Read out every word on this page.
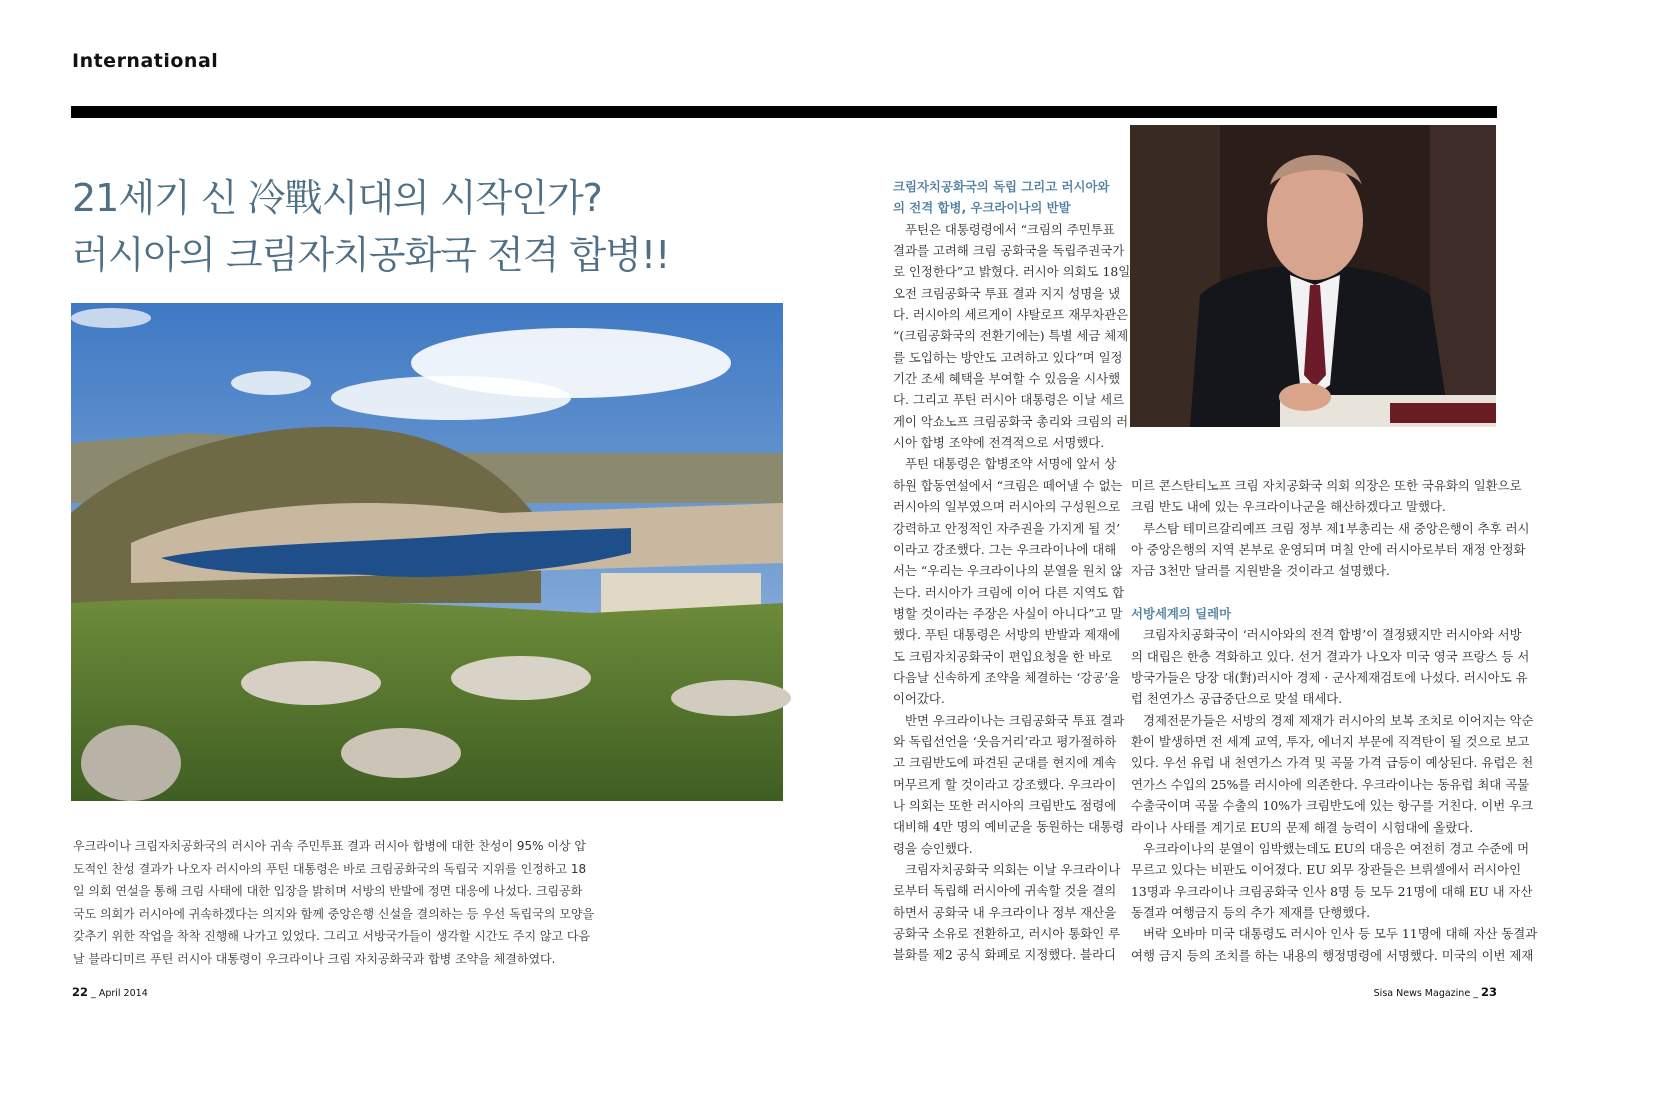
International
21세기 신 冷戰시대의 시작인가?
러시아의 크림자치공화국 전격 합병!!
크림자치공화국의 독립 그리고 러시아와
의 전격 합병, 우크라이나의 반발
푸틴은 대통령령에서 “크림의 주민투표
결과를 고려해 크림 공화국을 독립주권국가
로 인정한다”고 밝혔다. 러시아 의회도 18일
오전 크림공화국 투표 결과 지지 성명을 냈
다. 러시아의 세르게이 샤탈로프 재무차관은
“(크림공화국의 전환기에는) 특별 세금 체제
를 도입하는 방안도 고려하고 있다”며 일정
기간 조세 혜택을 부여할 수 있음을 시사했
다. 그리고 푸틴 러시아 대통령은 이날 세르
게이 악쇼노프 크림공화국 총리와 크림의 러
시아 합병 조약에 전격적으로 서명했다.
푸틴 대통령은 합병조약 서명에 앞서 상
하원 합동연설에서 “크림은 떼어낼 수 없는
러시아의 일부였으며 러시아의 구성원으로
강력하고 안정적인 자주권을 가지게 될 것’
이라고 강조했다. 그는 우크라이나에 대해
서는 “우리는 우크라이나의 분열을 원치 않
는다. 러시아가 크림에 이어 다른 지역도 합
병할 것이라는 주장은 사실이 아니다”고 말
했다. 푸틴 대통령은 서방의 반발과 제재에
도 크림자치공화국이 편입요청을 한 바로
다음날 신속하게 조약을 체결하는 ‘강공’을
이어갔다.
반면 우크라이나는 크림공화국 투표 결과
와 독립선언을 ‘웃음거리’라고 평가절하하
고 크림반도에 파견된 군대를 현지에 계속
머무르게 할 것이라고 강조했다. 우크라이
나 의회는 또한 러시아의 크림반도 점령에
대비해 4만 명의 예비군을 동원하는 대통령
령을 승인했다.
크림자치공화국 의회는 이날 우크라이나
로부터 독립해 러시아에 귀속할 것을 결의
하면서 공화국 내 우크라이나 정부 재산을
공화국 소유로 전환하고, 러시아 통화인 루
블화를 제2 공식 화폐로 지정했다. 블라디
미르 콘스탄티노프 크림 자치공화국 의회 의장은 또한 국유화의 일환으로
크림 반도 내에 있는 우크라이나군을 해산하겠다고 말했다.
루스탐 테미르갈리예프 크림 정부 제1부총리는 새 중앙은행이 추후 러시
아 중앙은행의 지역 본부로 운영되며 며칠 안에 러시아로부터 재정 안정화
자금 3천만 달러를 지원받을 것이라고 설명했다.
서방세계의 딜레마
크림자치공화국이 ‘러시아와의 전격 합병’이 결정됐지만 러시아와 서방
의 대립은 한층 격화하고 있다. 선거 결과가 나오자 미국 영국 프랑스 등 서
방국가들은 당장 대(對)러시아 경제 · 군사제재검토에 나섰다. 러시아도 유
럽 천연가스 공급중단으로 맞설 태세다.
경제전문가들은 서방의 경제 제재가 러시아의 보복 조치로 이어지는 악순
환이 발생하면 전 세계 교역, 투자, 에너지 부문에 직격탄이 될 것으로 보고
있다. 우선 유럽 내 천연가스 가격 및 곡물 가격 급등이 예상된다. 유럽은 천
연가스 수입의 25%를 러시아에 의존한다. 우크라이나는 동유럽 최대 곡물
수출국이며 곡물 수출의 10%가 크림반도에 있는 항구를 거친다. 이번 우크
라이나 사태를 계기로 EU의 문제 해결 능력이 시험대에 올랐다.
우크라이나의 분열이 임박했는데도 EU의 대응은 여전히 경고 수준에 머
무르고 있다는 비판도 이어졌다. EU 외무 장관들은 브뤼셀에서 러시아인
13명과 우크라이나 크림공화국 인사 8명 등 모두 21명에 대해 EU 내 자산
동결과 여행금지 등의 추가 제재를 단행했다.
버락 오바마 미국 대통령도 러시아 인사 등 모두 11명에 대해 자산 동결과
여행 금지 등의 조치를 하는 내용의 행정명령에 서명했다. 미국의 이번 제재
우크라이나 크림자치공화국의 러시아 귀속 주민투표 결과 러시아 합병에 대한 찬성이 95% 이상 압
도적인 찬성 결과가 나오자 러시아의 푸틴 대통령은 바로 크림공화국의 독립국 지위를 인정하고 18
일 의회 연설을 통해 크림 사태에 대한 입장을 밝히며 서방의 반발에 정면 대응에 나섰다. 크림공화
국도 의회가 러시아에 귀속하겠다는 의지와 함께 중앙은행 신설을 결의하는 등 우선 독립국의 모양을
갖추기 위한 작업을 착착 진행해 나가고 있었다. 그리고 서방국가들이 생각할 시간도 주지 않고 다음
날 블라디미르 푸틴 러시아 대통령이 우크라이나 크림 자치공화국과 합병 조약을 체결하였다.
22 _ April 2014	Sisa News Magazine _ 23
